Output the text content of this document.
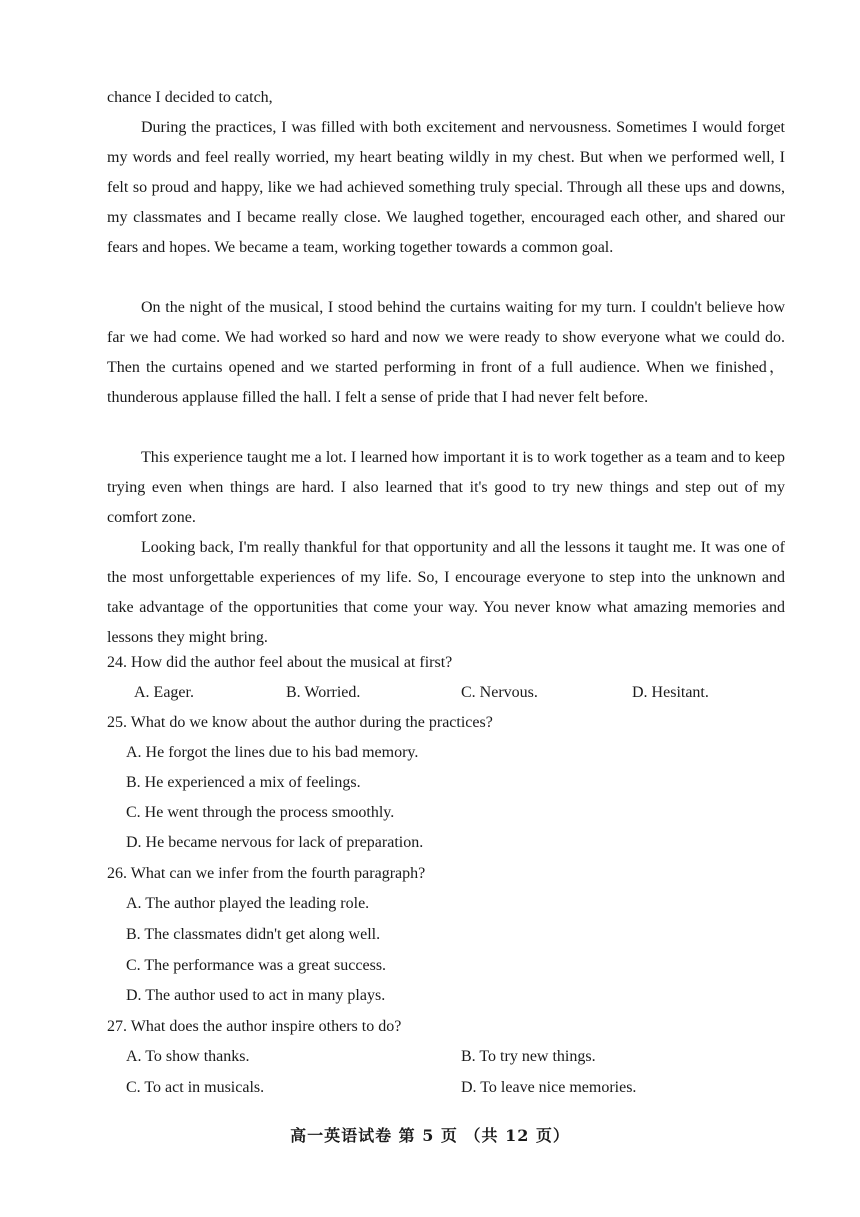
chance I decided to catch,
During the practices, I was filled with both excitement and nervousness. Sometimes I would forget my words and feel really worried, my heart beating wildly in my chest. But when we performed well, I felt so proud and happy, like we had achieved something truly special. Through all these ups and downs, my classmates and I became really close. We laughed together, encouraged each other, and shared our fears and hopes. We became a team, working together towards a common goal.
On the night of the musical, I stood behind the curtains waiting for my turn. I couldn't believe how far we had come. We had worked so hard and now we were ready to show everyone what we could do. Then the curtains opened and we started performing in front of a full audience. When we finished，thunderous applause filled the hall. I felt a sense of pride that I had never felt before.
This experience taught me a lot. I learned how important it is to work together as a team and to keep trying even when things are hard. I also learned that it's good to try new things and step out of my comfort zone.
Looking back, I'm really thankful for that opportunity and all the lessons it taught me. It was one of the most unforgettable experiences of my life. So, I encourage everyone to step into the unknown and take advantage of the opportunities that come your way. You never know what amazing memories and lessons they might bring.
24. How did the author feel about the musical at first?
A. Eager.	B. Worried.	C. Nervous.	D. Hesitant.
25. What do we know about the author during the practices?
A. He forgot the lines due to his bad memory.
B. He experienced a mix of feelings.
C. He went through the process smoothly.
D. He became nervous for lack of preparation.
26. What can we infer from the fourth paragraph?
A. The author played the leading role.
B. The classmates didn't get along well.
C. The performance was a great success.
D. The author used to act in many plays.
27. What does the author inspire others to do?
A. To show thanks.	B. To try new things.
C. To act in musicals.	D. To leave nice memories.
高一英语试卷 第 5 页 （共 12 页）
